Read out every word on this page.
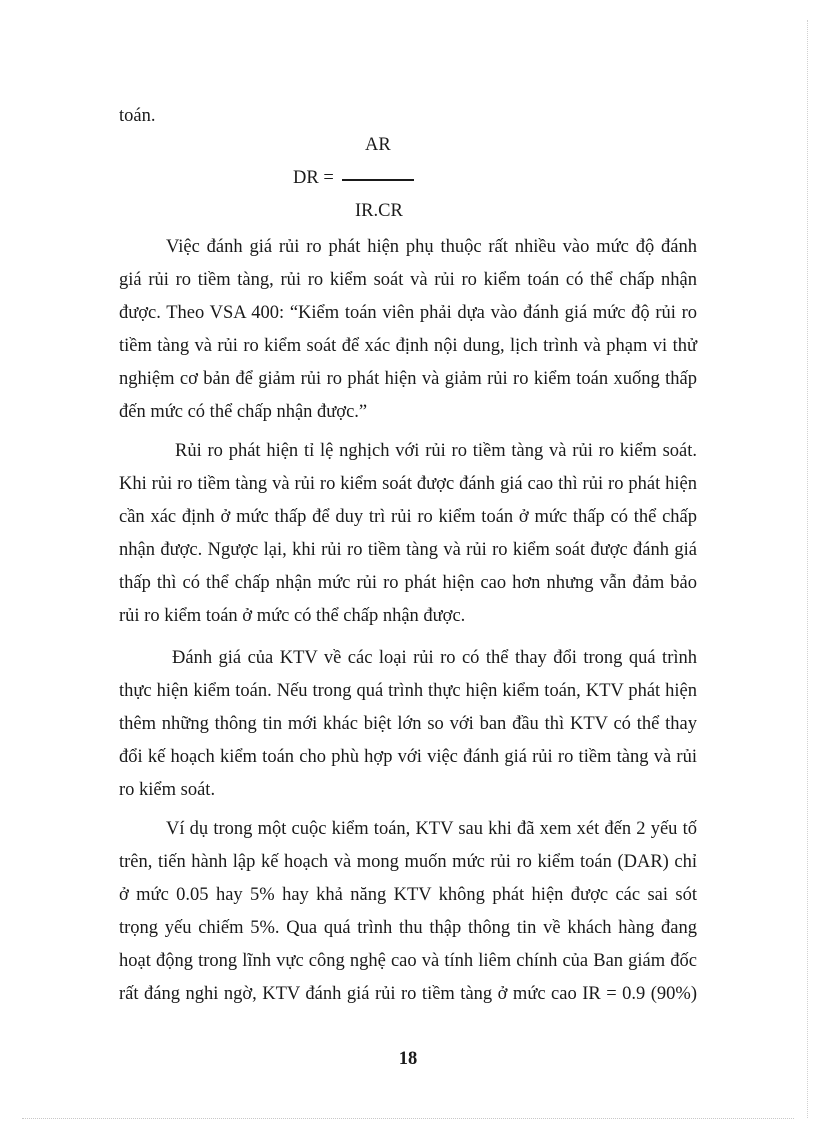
toán.
AR
DR =
IR.CR
Việc đánh giá rủi ro phát hiện phụ thuộc rất nhiều vào mức độ đánh
giá rủi ro tiềm tàng, rủi ro kiểm soát và rủi ro kiểm toán có thể chấp nhận
được. Theo VSA 400: “Kiểm toán viên phải dựa vào đánh giá mức độ rủi ro
tiềm tàng và rủi ro kiểm soát để xác định nội dung, lịch trình và phạm vi thử
nghiệm cơ bản để giảm rủi ro phát hiện và giảm rủi ro kiểm toán xuống thấp
đến mức có thể chấp nhận được.”
Rủi ro phát hiện tỉ lệ nghịch với rủi ro tiềm tàng và rủi ro kiểm soát.
Khi rủi ro tiềm tàng và rủi ro kiểm soát được đánh giá cao thì rủi ro phát hiện
cần xác định ở mức thấp để duy trì rủi ro kiểm toán ở mức thấp có thể chấp
nhận được. Ngược lại, khi rủi ro tiềm tàng và rủi ro kiểm soát được đánh giá
thấp thì có thể chấp nhận mức rủi ro phát hiện cao hơn nhưng vẫn đảm bảo
rủi ro kiểm toán ở mức có thể chấp nhận được.
Đánh giá của KTV về các loại rủi ro có thể thay đổi trong quá trình
thực hiện kiểm toán. Nếu trong quá trình thực hiện kiểm toán, KTV phát hiện
thêm những thông tin mới khác biệt lớn so với ban đầu thì KTV có thể thay
đổi kế hoạch kiểm toán cho phù hợp với việc đánh giá rủi ro tiềm tàng và rủi
ro kiểm soát.
Ví dụ trong một cuộc kiểm toán, KTV sau khi đã xem xét đến 2 yếu tố
trên, tiến hành lập kế hoạch và mong muốn mức rủi ro kiểm toán (DAR) chỉ
ở mức 0.05 hay 5% hay khả năng KTV không phát hiện được các sai sót
trọng yếu chiếm 5%. Qua quá trình thu thập thông tin về khách hàng đang
hoạt động trong lĩnh vực công nghệ cao và tính liêm chính của Ban giám đốc
rất đáng nghi ngờ, KTV đánh giá rủi ro tiềm tàng ở mức cao IR = 0.9 (90%)
18
